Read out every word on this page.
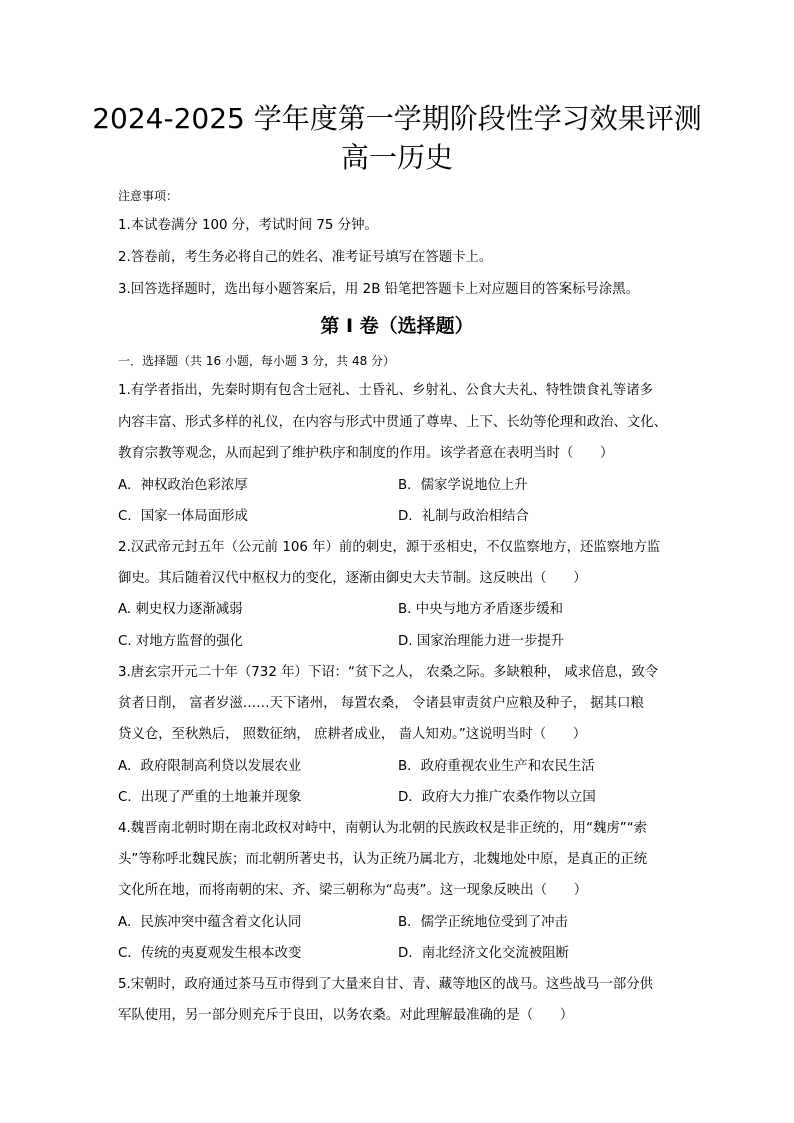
2024-2025 学年度第一学期阶段性学习效果评测
高一历史
注意事项：
1.本试卷满分 100 分，考试时间 75 分钟。
2.答卷前，考生务必将自己的姓名、准考证号填写在答题卡上。
3.回答选择题时，选出每小题答案后，用 2B 铅笔把答题卡上对应题目的答案标号涂黑。
第 I 卷（选择题）
一．选择题（共 16 小题，每小题 3 分，共 48 分）
1.有学者指出，先秦时期有包含士冠礼、士昏礼、乡射礼、公食大夫礼、特牲馈食礼等诸多
内容丰富、形式多样的礼仪，在内容与形式中贯通了尊卑、上下、长幼等伦理和政治、文化、
教育宗教等观念，从而起到了维护秩序和制度的作用。该学者意在表明当时（　　）
A．神权政治色彩浓厚	B．儒家学说地位上升
C．国家一体局面形成	D．礼制与政治相结合
2.汉武帝元封五年（公元前 106 年）前的刺史，源于丞相史，不仅监察地方，还监察地方监
御史。其后随着汉代中枢权力的变化，逐渐由御史大夫节制。这反映出（　　）
A. 刺史权力逐渐减弱	B. 中央与地方矛盾逐步缓和
C. 对地方监督的强化	D. 国家治理能力进一步提升
3.唐玄宗开元二十年（732 年）下诏：“贫下之人， 农桑之际。多缺粮种， 咸求倍息，致令
贫者日削， 富者岁滋……天下诸州， 每置农桑， 令诸县审责贫户应粮及种子， 据其口粮
贷义仓，至秋熟后， 照数征纳， 庶耕者成业， 啬人知劝。”这说明当时（　　）
A．政府限制高利贷以发展农业	B．政府重视农业生产和农民生活
C．出现了严重的土地兼并现象	D．政府大力推广农桑作物以立国
4.魏晋南北朝时期在南北政权对峙中，南朝认为北朝的民族政权是非正统的，用“魏虏”“索
头”等称呼北魏民族；而北朝所著史书，认为正统乃属北方，北魏地处中原，是真正的正统
文化所在地，而将南朝的宋、齐、梁三朝称为“岛夷”。这一现象反映出（　　）
A．民族冲突中蕴含着文化认同	B．儒学正统地位受到了冲击
C．传统的夷夏观发生根本改变	D．南北经济文化交流被阻断
5.宋朝时，政府通过茶马互市得到了大量来自甘、青、藏等地区的战马。这些战马一部分供
军队使用，另一部分则充斥于良田，以务农桑。对此理解最准确的是（　　）
